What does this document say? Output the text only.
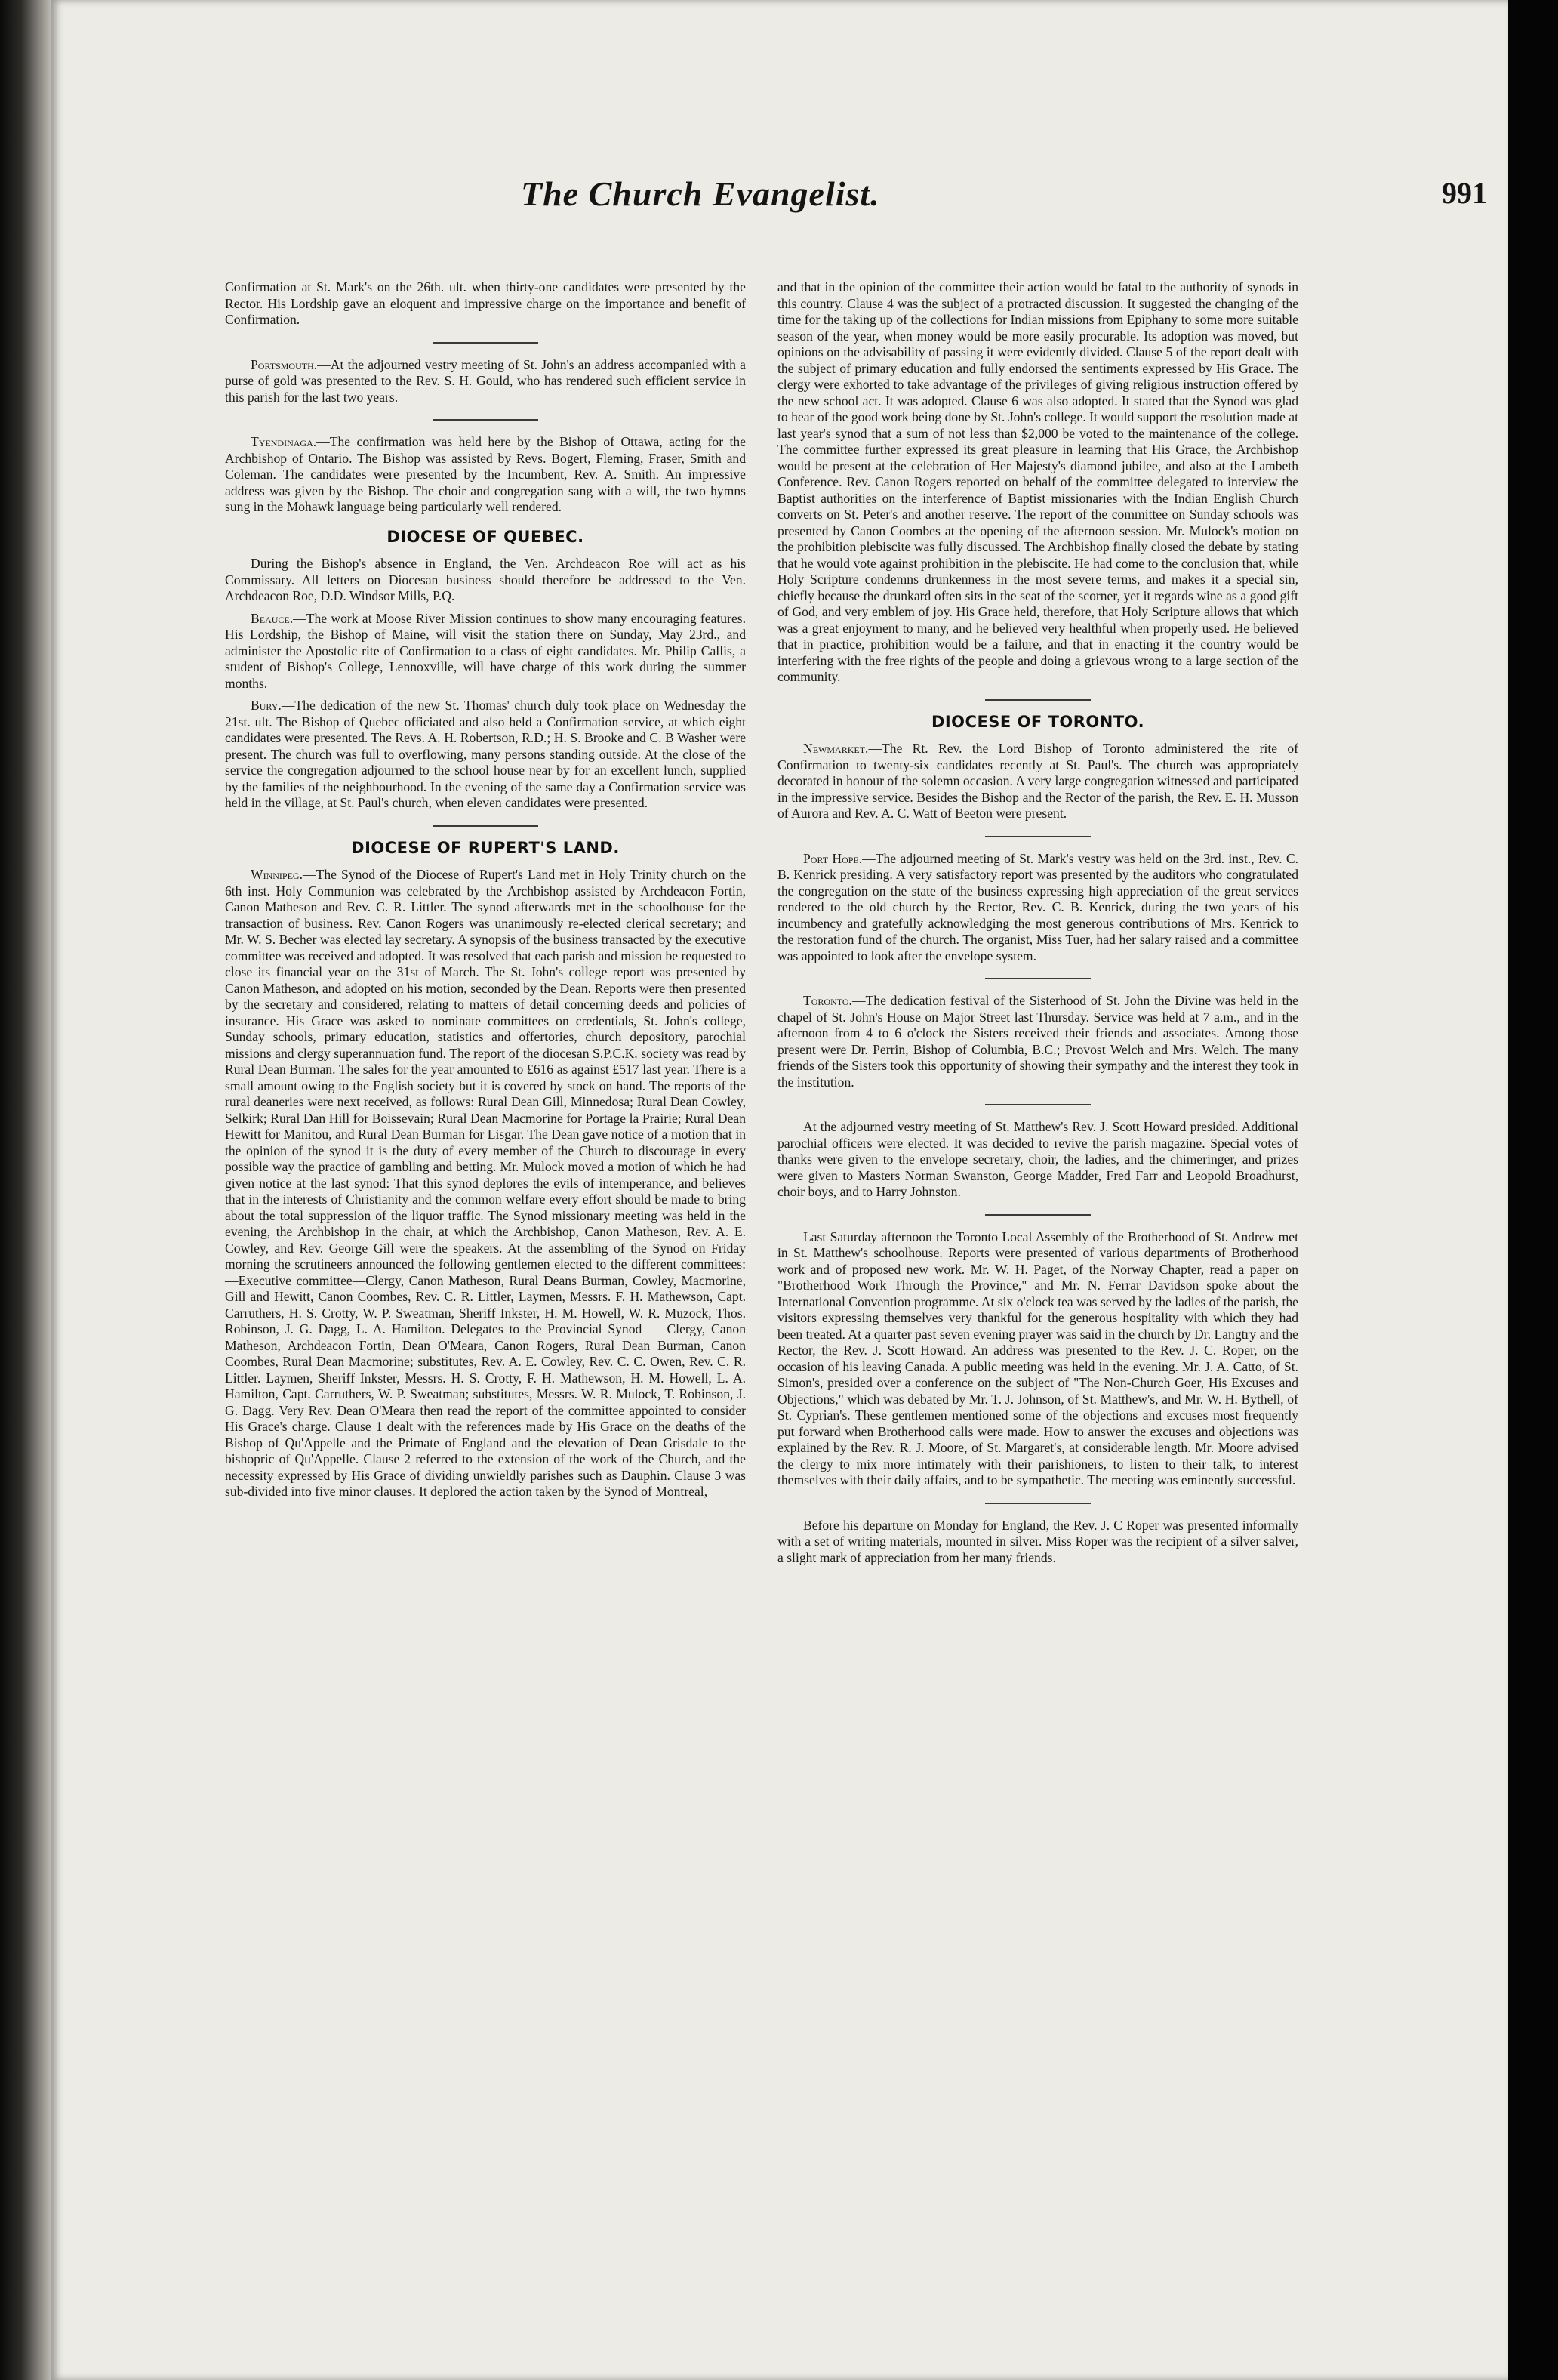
The Church Evangelist.	991

Confirmation at St. Mark's on the 26th. ult. when thirty-one candidates were presented by the Rector. His Lordship gave an eloquent and impressive charge on the importance and benefit of Confirmation.

Portsmouth.—At the adjourned vestry meeting of St. John's an address accompanied with a purse of gold was presented to the Rev. S. H. Gould, who has rendered such efficient service in this parish for the last two years.

Tyendinaga.—The confirmation was held here by the Bishop of Ottawa, acting for the Archbishop of Ontario. The Bishop was assisted by Revs. Bogert, Fleming, Fraser, Smith and Coleman. The candidates were presented by the Incumbent, Rev. A. Smith. An impressive address was given by the Bishop. The choir and congregation sang with a will, the two hymns sung in the Mohawk language being particularly well rendered.

DIOCESE OF QUEBEC.

During the Bishop's absence in England, the Ven. Archdeacon Roe will act as his Commissary. All letters on Diocesan business should therefore be addressed to the Ven. Archdeacon Roe, D.D. Windsor Mills, P.Q.

Beauce.—The work at Moose River Mission continues to show many encouraging features. His Lordship, the Bishop of Maine, will visit the station there on Sunday, May 23rd., and administer the Apostolic rite of Confirmation to a class of eight candidates. Mr. Philip Callis, a student of Bishop's College, Lennoxville, will have charge of this work during the summer months.

Bury.—The dedication of the new St. Thomas' church duly took place on Wednesday the 21st. ult. The Bishop of Quebec officiated and also held a Confirmation service, at which eight candidates were presented. The Revs. A. H. Robertson, R.D.; H. S. Brooke and C. B Washer were present. The church was full to overflowing, many persons standing outside. At the close of the service the congregation adjourned to the school house near by for an excellent lunch, supplied by the families of the neighbourhood. In the evening of the same day a Confirmation service was held in the village, at St. Paul's church, when eleven candidates were presented.

DIOCESE OF RUPERT'S LAND.

Winnipeg.—The Synod of the Diocese of Rupert's Land met in Holy Trinity church on the 6th inst. Holy Communion was celebrated by the Archbishop assisted by Archdeacon Fortin, Canon Matheson and Rev. C. R. Littler. The synod afterwards met in the schoolhouse for the transaction of business. Rev. Canon Rogers was unanimously re-elected clerical secretary; and Mr. W. S. Becher was elected lay secretary. A synopsis of the business transacted by the executive committee was received and adopted. It was resolved that each parish and mission be requested to close its financial year on the 31st of March. The St. John's college report was presented by Canon Matheson, and adopted on his motion, seconded by the Dean. Reports were then presented by the secretary and considered, relating to matters of detail concerning deeds and policies of insurance. His Grace was asked to nominate committees on credentials, St. John's college, Sunday schools, primary education, statistics and offertories, church depository, parochial missions and clergy superannuation fund. The report of the diocesan S.P.C.K. society was read by Rural Dean Burman. The sales for the year amounted to £616 as against £517 last year. There is a small amount owing to the English society but it is covered by stock on hand. The reports of the rural deaneries were next received, as follows: Rural Dean Gill, Minnedosa; Rural Dean Cowley, Selkirk; Rural Dan Hill for Boissevain; Rural Dean Macmorine for Portage la Prairie; Rural Dean Hewitt for Manitou, and Rural Dean Burman for Lisgar. The Dean gave notice of a motion that in the opinion of the synod it is the duty of every member of the Church to discourage in every possible way the practice of gambling and betting. Mr. Mulock moved a motion of which he had given notice at the last synod: That this synod deplores the evils of intemperance, and believes that in the interests of Christianity and the common welfare every effort should be made to bring about the total suppression of the liquor traffic. The Synod missionary meeting was held in the evening, the Archbishop in the chair, at which the Archbishop, Canon Matheson, Rev. A. E. Cowley, and Rev. George Gill were the speakers. At the assembling of the Synod on Friday morning the scrutineers announced the following gentlemen elected to the different committees:—Executive committee—Clergy, Canon Matheson, Rural Deans Burman, Cowley, Macmorine, Gill and Hewitt, Canon Coombes, Rev. C. R. Littler, Laymen, Messrs. F. H. Mathewson, Capt. Carruthers, H. S. Crotty, W. P. Sweatman, Sheriff Inkster, H. M. Howell, W. R. Muzock, Thos. Robinson, J. G. Dagg, L. A. Hamilton. Delegates to the Provincial Synod — Clergy, Canon Matheson, Archdeacon Fortin, Dean O'Meara, Canon Rogers, Rural Dean Burman, Canon Coombes, Rural Dean Macmorine; substitutes, Rev. A. E. Cowley, Rev. C. C. Owen, Rev. C. R. Littler. Laymen, Sheriff Inkster, Messrs. H. S. Crotty, F. H. Mathewson, H. M. Howell, L. A. Hamilton, Capt. Carruthers, W. P. Sweatman; substitutes, Messrs. W. R. Mulock, T. Robinson, J. G. Dagg. Very Rev. Dean O'Meara then read the report of the committee appointed to consider His Grace's charge. Clause 1 dealt with the references made by His Grace on the deaths of the Bishop of Qu'Appelle and the Primate of England and the elevation of Dean Grisdale to the bishopric of Qu'Appelle. Clause 2 referred to the extension of the work of the Church, and the necessity expressed by His Grace of dividing unwieldly parishes such as Dauphin. Clause 3 was sub-divided into five minor clauses. It deplored the action taken by the Synod of Montreal,

and that in the opinion of the committee their action would be fatal to the authority of synods in this country. Clause 4 was the subject of a protracted discussion. It suggested the changing of the time for the taking up of the collections for Indian missions from Epiphany to some more suitable season of the year, when money would be more easily procurable. Its adoption was moved, but opinions on the advisability of passing it were evidently divided. Clause 5 of the report dealt with the subject of primary education and fully endorsed the sentiments expressed by His Grace. The clergy were exhorted to take advantage of the privileges of giving religious instruction offered by the new school act. It was adopted. Clause 6 was also adopted. It stated that the Synod was glad to hear of the good work being done by St. John's college. It would support the resolution made at last year's synod that a sum of not less than $2,000 be voted to the maintenance of the college. The committee further expressed its great pleasure in learning that His Grace, the Archbishop would be present at the celebration of Her Majesty's diamond jubilee, and also at the Lambeth Conference. Rev. Canon Rogers reported on behalf of the committee delegated to interview the Baptist authorities on the interference of Baptist missionaries with the Indian English Church converts on St. Peter's and another reserve. The report of the committee on Sunday schools was presented by Canon Coombes at the opening of the afternoon session. Mr. Mulock's motion on the prohibition plebiscite was fully discussed. The Archbishop finally closed the debate by stating that he would vote against prohibition in the plebiscite. He had come to the conclusion that, while Holy Scripture condemns drunkenness in the most severe terms, and makes it a special sin, chiefly because the drunkard often sits in the seat of the scorner, yet it regards wine as a good gift of God, and very emblem of joy. His Grace held, therefore, that Holy Scripture allows that which was a great enjoyment to many, and he believed very healthful when properly used. He believed that in practice, prohibition would be a failure, and that in enacting it the country would be interfering with the free rights of the people and doing a grievous wrong to a large section of the community.

DIOCESE OF TORONTO.

Newmarket.—The Rt. Rev. the Lord Bishop of Toronto administered the rite of Confirmation to twenty-six candidates recently at St. Paul's. The church was appropriately decorated in honour of the solemn occasion. A very large congregation witnessed and participated in the impressive service. Besides the Bishop and the Rector of the parish, the Rev. E. H. Musson of Aurora and Rev. A. C. Watt of Beeton were present.

Port Hope.—The adjourned meeting of St. Mark's vestry was held on the 3rd. inst., Rev. C. B. Kenrick presiding. A very satisfactory report was presented by the auditors who congratulated the congregation on the state of the business expressing high appreciation of the great services rendered to the old church by the Rector, Rev. C. B. Kenrick, during the two years of his incumbency and gratefully acknowledging the most generous contributions of Mrs. Kenrick to the restoration fund of the church. The organist, Miss Tuer, had her salary raised and a committee was appointed to look after the envelope system.

Toronto.—The dedication festival of the Sisterhood of St. John the Divine was held in the chapel of St. John's House on Major Street last Thursday. Service was held at 7 a.m., and in the afternoon from 4 to 6 o'clock the Sisters received their friends and associates. Among those present were Dr. Perrin, Bishop of Columbia, B.C.; Provost Welch and Mrs. Welch. The many friends of the Sisters took this opportunity of showing their sympathy and the interest they took in the institution.

At the adjourned vestry meeting of St. Matthew's Rev. J. Scott Howard presided. Additional parochial officers were elected. It was decided to revive the parish magazine. Special votes of thanks were given to the envelope secretary, choir, the ladies, and the chimeringer, and prizes were given to Masters Norman Swanston, George Madder, Fred Farr and Leopold Broadhurst, choir boys, and to Harry Johnston.

Last Saturday afternoon the Toronto Local Assembly of the Brotherhood of St. Andrew met in St. Matthew's schoolhouse. Reports were presented of various departments of Brotherhood work and of proposed new work. Mr. W. H. Paget, of the Norway Chapter, read a paper on "Brotherhood Work Through the Province," and Mr. N. Ferrar Davidson spoke about the International Convention programme. At six o'clock tea was served by the ladies of the parish, the visitors expressing themselves very thankful for the generous hospitality with which they had been treated. At a quarter past seven evening prayer was said in the church by Dr. Langtry and the Rector, the Rev. J. Scott Howard. An address was presented to the Rev. J. C. Roper, on the occasion of his leaving Canada. A public meeting was held in the evening. Mr. J. A. Catto, of St. Simon's, presided over a conference on the subject of "The Non-Church Goer, His Excuses and Objections," which was debated by Mr. T. J. Johnson, of St. Matthew's, and Mr. W. H. Bythell, of St. Cyprian's. These gentlemen mentioned some of the objections and excuses most frequently put forward when Brotherhood calls were made. How to answer the excuses and objections was explained by the Rev. R. J. Moore, of St. Margaret's, at considerable length. Mr. Moore advised the clergy to mix more intimately with their parishioners, to listen to their talk, to interest themselves with their daily affairs, and to be sympathetic. The meeting was eminently successful.

Before his departure on Monday for England, the Rev. J. C Roper was presented informally with a set of writing materials, mounted in silver. Miss Roper was the recipient of a silver salver, a slight mark of appreciation from her many friends.
